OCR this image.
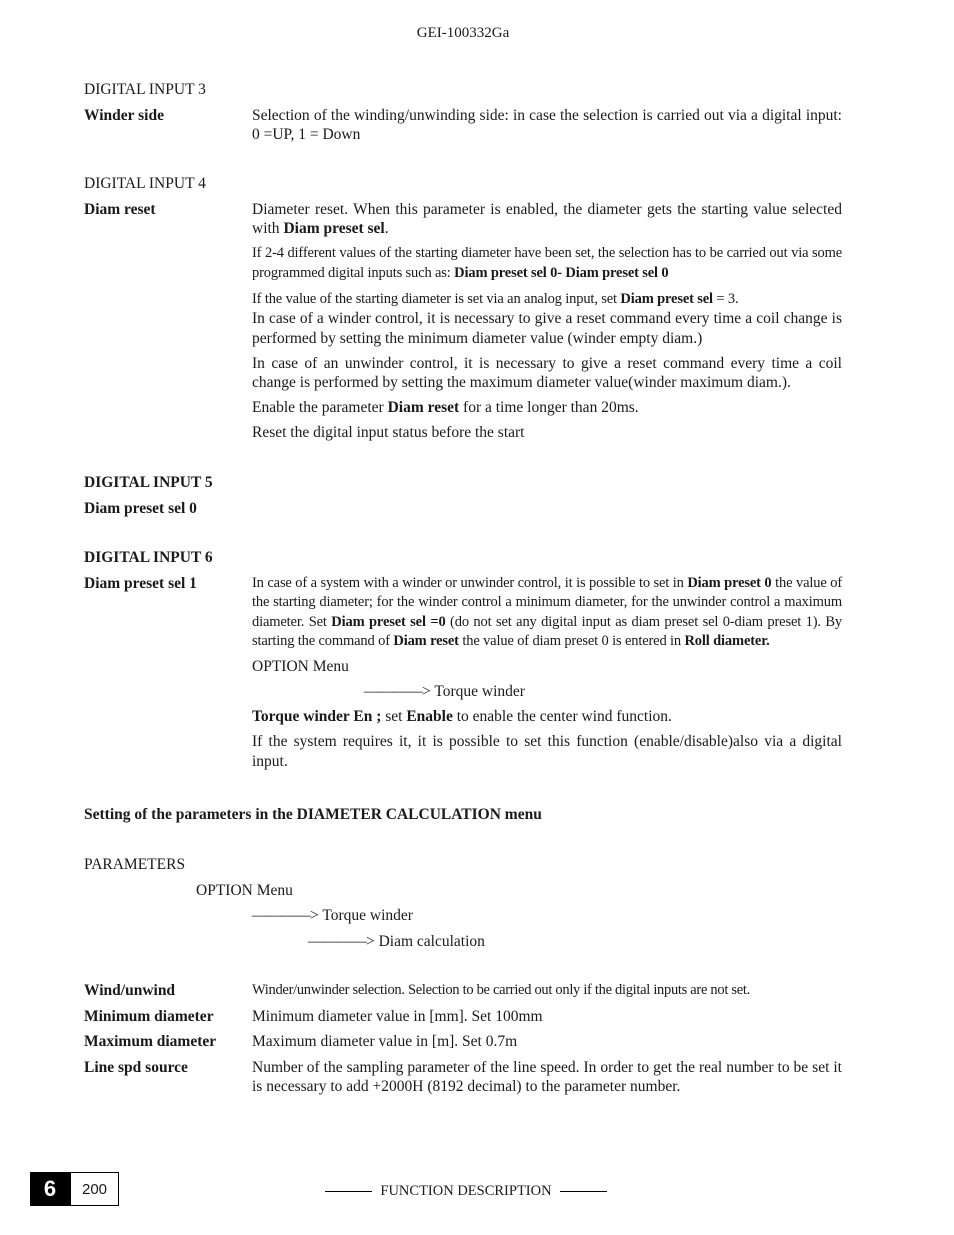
GEI-100332Ga
DIGITAL INPUT 3
Winder side	Selection of the winding/unwinding side: in case the selection is carried out via a digital input: 0 =UP, 1 = Down

DIGITAL INPUT 4
Diam reset	Diameter reset. When this parameter is enabled, the diameter gets the starting value selected with Diam preset sel.

If 2-4 different values of the starting diameter have been set, the selection has to be carried out via some programmed digital inputs such as: Diam preset sel 0- Diam preset sel 0

If the value of the starting diameter is set via an analog input, set Diam preset sel = 3.

In case of a winder control, it is necessary to give a reset command every time a coil change is performed by setting the minimum diameter value (winder empty diam.)

In case of an unwinder control, it is necessary to give a reset command every time a coil change is performed by setting the maximum diameter value(winder maximum diam.).

Enable the parameter Diam reset for a time longer than 20ms.

Reset the digital input status before the start

DIGITAL INPUT 5
Diam preset sel 0
DIGITAL INPUT 6
Diam preset sel 1	In case of a system with a winder or unwinder control, it is possible to set in Diam preset 0 the value of the starting diameter; for the winder control a minimum diameter, for the unwinder control a maximum diameter. Set Diam preset sel =0 (do not set any digital input as diam preset sel 0-diam preset 1). By starting the command of Diam reset the value of diam preset 0 is entered in Roll diameter.

OPTION Menu

————> Torque winder

Torque winder En ; set Enable to enable the center wind function.

If the system requires it, it is possible to set this function (enable/disable)also via a digital input.

Setting of the parameters in the DIAMETER CALCULATION menu
PARAMETERS
OPTION Menu
————> Torque winder
————> Diam calculation
Wind/unwind	Winder/unwinder selection. Selection to be carried out only if the digital inputs are not set.
Minimum diameter	Minimum diameter value in [mm]. Set 100mm
Maximum diameter	Maximum diameter value in [m]. Set 0.7m
Line spd source	Number of the sampling parameter of the line speed. In order to get the real number to be set it is necessary to add +2000H (8192 decimal) to the parameter number.
6	200	FUNCTION DESCRIPTION
